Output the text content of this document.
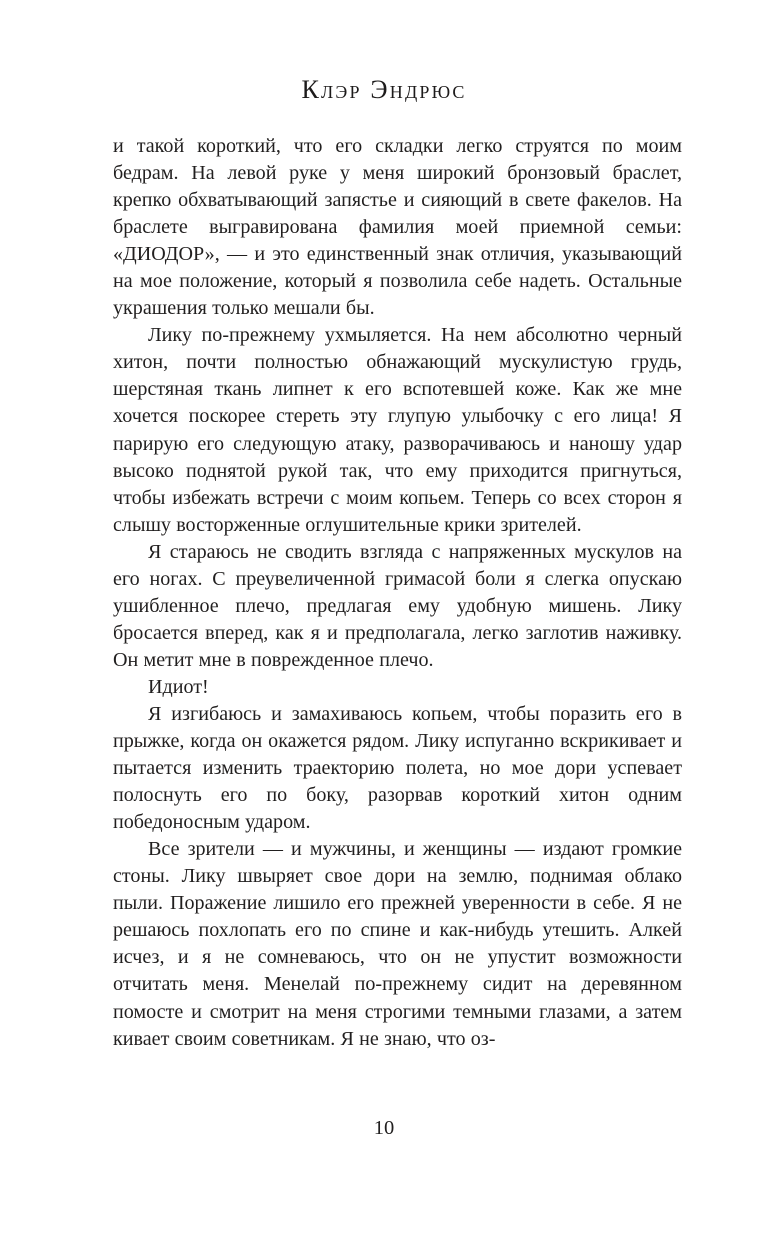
Клэр Эндрюс

и такой короткий, что его складки легко струятся по моим бедрам. На левой руке у меня широкий бронзовый браслет, крепко обхватывающий запястье и сияющий в свете факелов. На браслете выгравирована фамилия моей приемной семьи: «ДИОДОР», — и это единственный знак отличия, указывающий на мое положение, который я позволила себе надеть. Остальные украшения только мешали бы.

Лику по-прежнему ухмыляется. На нем абсолютно черный хитон, почти полностью обнажающий мускулистую грудь, шерстяная ткань липнет к его вспотевшей коже. Как же мне хочется поскорее стереть эту глупую улыбочку с его лица! Я парирую его следующую атаку, разворачиваюсь и наношу удар высоко поднятой рукой так, что ему приходится пригнуться, чтобы избежать встречи с моим копьем. Теперь со всех сторон я слышу восторженные оглушительные крики зрителей.

Я стараюсь не сводить взгляда с напряженных мускулов на его ногах. С преувеличенной гримасой боли я слегка опускаю ушибленное плечо, предлагая ему удобную мишень. Лику бросается вперед, как я и предполагала, легко заглотив наживку. Он метит мне в поврежденное плечо.

Идиот!

Я изгибаюсь и замахиваюсь копьем, чтобы поразить его в прыжке, когда он окажется рядом. Лику испуганно вскрикивает и пытается изменить траекторию полета, но мое дори успевает полоснуть его по боку, разорвав короткий хитон одним победоносным ударом.

Все зрители — и мужчины, и женщины — издают громкие стоны. Лику швыряет свое дори на землю, поднимая облако пыли. Поражение лишило его прежней уверенности в себе. Я не решаюсь похлопать его по спине и как-нибудь утешить. Алкей исчез, и я не сомневаюсь, что он не упустит возможности отчитать меня. Менелай по-прежнему сидит на деревянном помосте и смотрит на меня строгими темными глазами, а затем кивает своим советникам. Я не знаю, что оз-

10
